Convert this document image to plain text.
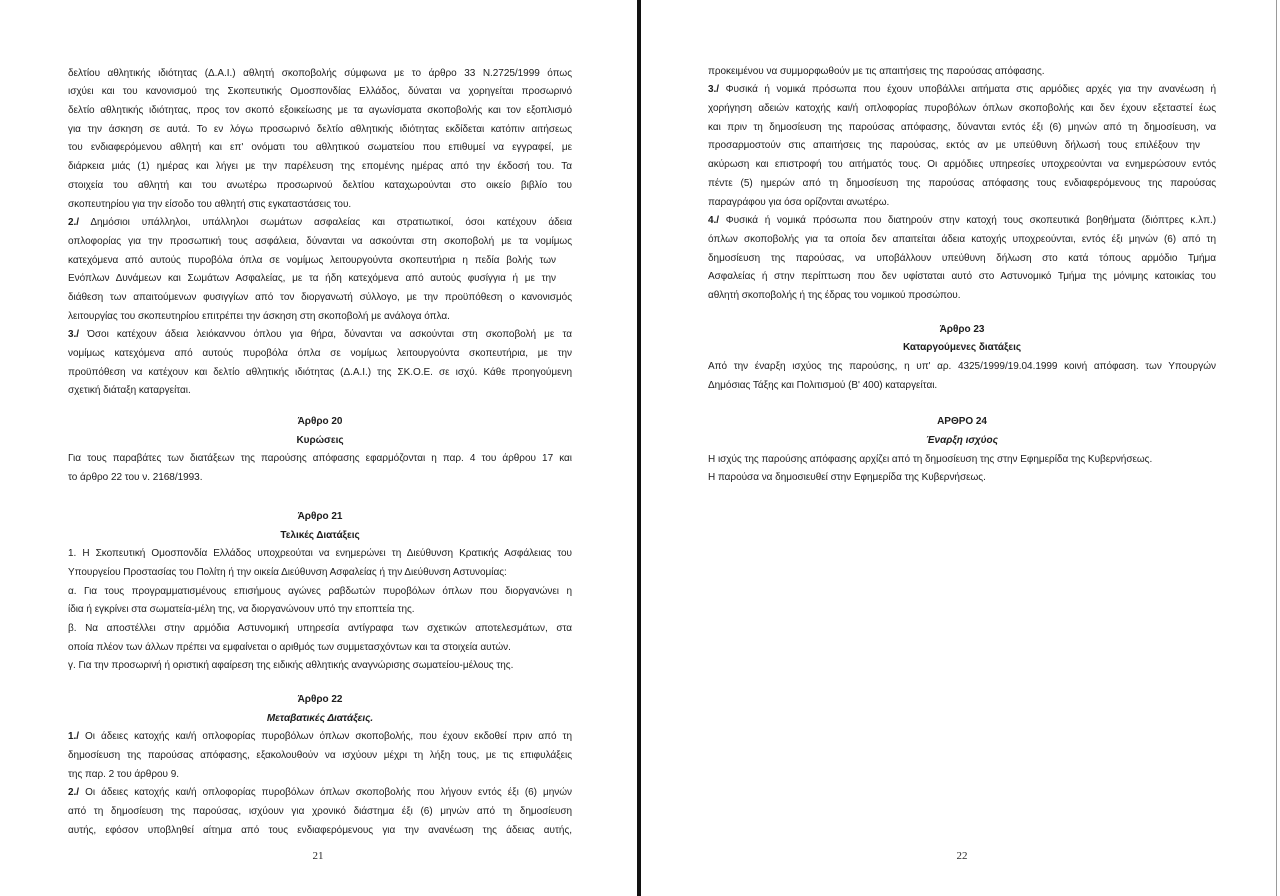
δελτίου αθλητικής ιδιότητας (Δ.Α.Ι.) αθλητή σκοποβολής σύμφωνα με το άρθρο 33 Ν.2725/1999 όπως
ισχύει και του κανονισμού της Σκοπευτικής Ομοσπονδίας Ελλάδος, δύναται να χορηγείται προσωρινό
δελτίο αθλητικής ιδιότητας, προς τον σκοπό εξοικείωσης με τα αγωνίσματα σκοποβολής και τον εξοπλισμό
για την άσκηση σε αυτά. Το εν λόγω προσωρινό δελτίο αθλητικής ιδιότητας εκδίδεται κατόπιν αιτήσεως
του ενδιαφερόμενου αθλητή και επ' ονόματι του αθλητικού σωματείου που επιθυμεί να εγγραφεί, με
διάρκεια μιάς (1) ημέρας και λήγει με την παρέλευση της επομένης ημέρας από την έκδοσή του. Τα
στοιχεία του αθλητή και του ανωτέρω προσωρινού δελτίου καταχωρούνται στο οικείο βιβλίο του
σκοπευτηρίου για την είσοδο του αθλητή στις εγκαταστάσεις του.
2./ Δημόσιοι υπάλληλοι, υπάλληλοι σωμάτων ασφαλείας και στρατιωτικοί, όσοι κατέχουν άδεια
οπλοφορίας για την προσωπική τους ασφάλεια, δύνανται να ασκούνται στη σκοποβολή με τα νομίμως
κατεχόμενα από αυτούς πυροβόλα όπλα σε νομίμως λειτουργούντα σκοπευτήρια η πεδία βολής των
Ενόπλων Δυνάμεων και Σωμάτων Ασφαλείας, με τα ήδη κατεχόμενα από αυτούς φυσίγγια ή με την
διάθεση των απαιτούμενων φυσιγγίων από τον διοργανωτή σύλλογο, με την προϋπόθεση ο κανονισμός
λειτουργίας του σκοπευτηρίου επιτρέπει την άσκηση στη σκοποβολή με ανάλογα όπλα.
3./ Όσοι κατέχουν άδεια λειόκαννου όπλου για θήρα, δύνανται να ασκούνται στη σκοποβολή με τα
νομίμως κατεχόμενα από αυτούς πυροβόλα όπλα σε νομίμως λειτουργούντα σκοπευτήρια, με την
προϋπόθεση να κατέχουν και δελτίο αθλητικής ιδιότητας (Δ.Α.Ι.) της ΣΚ.Ο.Ε. σε ισχύ. Κάθε προηγούμενη
σχετική διάταξη καταργείται.
Άρθρο 20
Κυρώσεις
Για τους παραβάτες των διατάξεων της παρούσης απόφασης εφαρμόζονται η παρ. 4 του άρθρου 17 και
το άρθρο 22 του ν. 2168/1993.
Άρθρο 21
Τελικές Διατάξεις
1. Η Σκοπευτική Ομοσπονδία Ελλάδος υποχρεούται να ενημερώνει τη Διεύθυνση Κρατικής Ασφάλειας του
Υπουργείου Προστασίας του Πολίτη ή την οικεία Διεύθυνση Ασφαλείας ή την Διεύθυνση Αστυνομίας:
α. Για τους προγραμματισμένους επισήμους αγώνες ραβδωτών πυροβόλων όπλων που διοργανώνει η
ίδια ή εγκρίνει στα σωματεία-μέλη της, να διοργανώνουν υπό την εποπτεία της.
β. Να αποστέλλει στην αρμόδια Αστυνομική υπηρεσία αντίγραφα των σχετικών αποτελεσμάτων, στα
οποία πλέον των άλλων πρέπει να εμφαίνεται ο αριθμός των συμμετασχόντων και τα στοιχεία αυτών.
γ. Για την προσωρινή ή οριστική αφαίρεση της ειδικής αθλητικής αναγνώρισης σωματείου-μέλους της.
Άρθρο 22
Μεταβατικές Διατάξεις.
1./ Οι άδειες κατοχής και/ή οπλοφορίας πυροβόλων όπλων σκοποβολής, που έχουν εκδοθεί πριν από τη
δημοσίευση της παρούσας απόφασης, εξακολουθούν να ισχύουν μέχρι τη λήξη τους, με τις επιφυλάξεις
της παρ. 2 του άρθρου 9.
2./ Οι άδειες κατοχής και/ή οπλοφορίας πυροβόλων όπλων σκοποβολής που λήγουν εντός έξι (6) μηνών
από τη δημοσίευση της παρούσας, ισχύουν για χρονικό διάστημα έξι (6) μηνών από τη δημοσίευση
αυτής, εφόσον υποβληθεί αίτημα από τους ενδιαφερόμενους για την ανανέωση της άδειας αυτής,
21
προκειμένου να συμμορφωθούν με τις απαιτήσεις της παρούσας απόφασης.
3./ Φυσικά ή νομικά πρόσωπα που έχουν υποβάλλει αιτήματα στις αρμόδιες αρχές για την ανανέωση ή
χορήγηση αδειών κατοχής και/ή οπλοφορίας πυροβόλων όπλων σκοποβολής και δεν έχουν εξεταστεί έως
και πριν τη δημοσίευση της παρούσας απόφασης, δύνανται εντός έξι (6) μηνών από τη δημοσίευση, να
προσαρμοστούν στις απαιτήσεις της παρούσας, εκτός αν με υπεύθυνη δήλωσή τους επιλέξουν την
ακύρωση και επιστροφή του αιτήματός τους. Οι αρμόδιες υπηρεσίες υποχρεούνται να ενημερώσουν εντός
πέντε (5) ημερών από τη δημοσίευση της παρούσας απόφασης τους ενδιαφερόμενους της παρούσας
παραγράφου για όσα ορίζονται ανωτέρω.
4./ Φυσικά ή νομικά πρόσωπα που διατηρούν στην κατοχή τους σκοπευτικά βοηθήματα (διόπτρες κ.λπ.)
όπλων σκοποβολής για τα οποία δεν απαιτείται άδεια κατοχής υποχρεούνται, εντός έξι μηνών (6) από τη
δημοσίευση της παρούσας, να υποβάλλουν υπεύθυνη δήλωση στο κατά τόπους αρμόδιο Τμήμα
Ασφαλείας ή στην περίπτωση που δεν υφίσταται αυτό στο Αστυνομικό Τμήμα της μόνιμης κατοικίας του
αθλητή σκοποβολής ή της έδρας του νομικού προσώπου.
Άρθρο 23
Καταργούμενες διατάξεις
Από την έναρξη ισχύος της παρούσης, η υπ' αρ. 4325/1999/19.04.1999 κοινή απόφαση. των Υπουργών
Δημόσιας Τάξης και Πολιτισμού (Β' 400) καταργείται.
ΑΡΘΡΟ 24
Έναρξη ισχύος
Η ισχύς της παρούσης απόφασης αρχίζει από τη δημοσίευση της στην Εφημερίδα της Κυβερνήσεως.
Η παρούσα να δημοσιευθεί στην Εφημερίδα της Κυβερνήσεως.
22
